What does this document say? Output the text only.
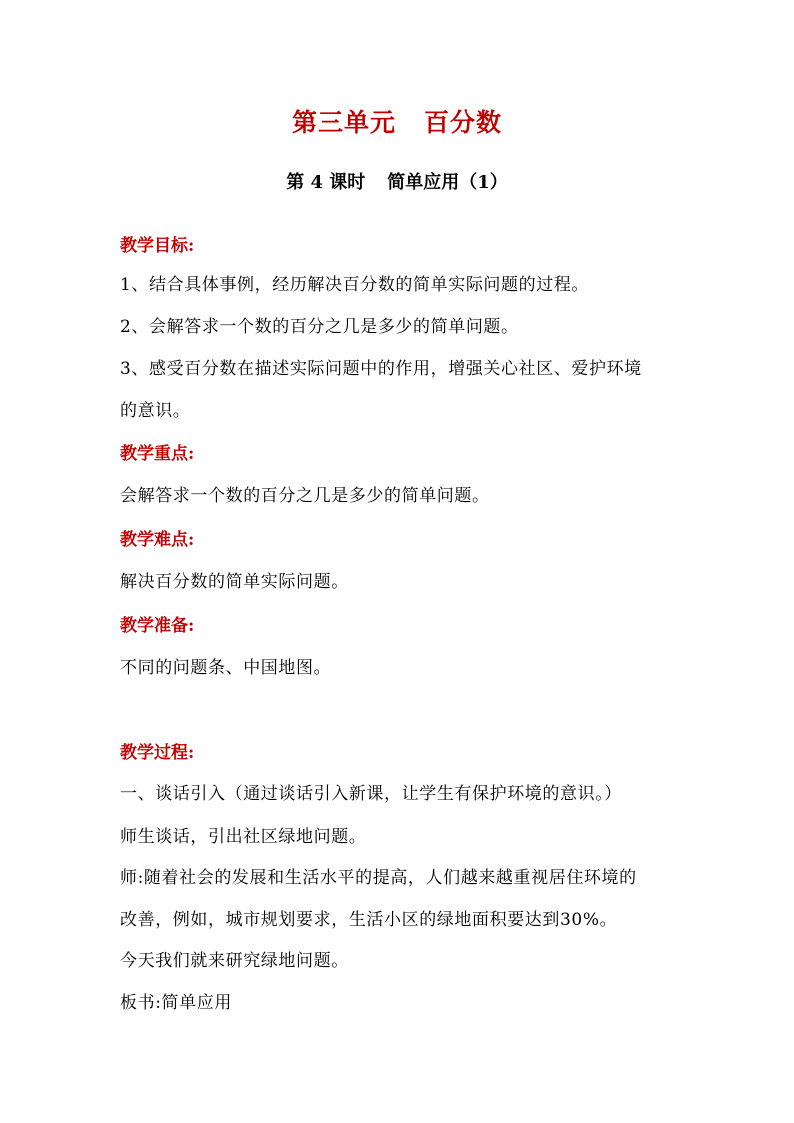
第三单元 百分数
第 4 课时 简单应用（1）
教学目标:
1、结合具体事例，经历解决百分数的简单实际问题的过程。
2、会解答求一个数的百分之几是多少的简单问题。
3、感受百分数在描述实际问题中的作用，增强关心社区、爱护环境
的意识。
教学重点:
会解答求一个数的百分之几是多少的简单问题。
教学难点:
解决百分数的简单实际问题。
教学准备:
不同的问题条、中国地图。
教学过程:
一、谈话引入（通过谈话引入新课，让学生有保护环境的意识。）
师生谈话，引出社区绿地问题。
师:随着社会的发展和生活水平的提高，人们越来越重视居住环境的
改善，例如，城市规划要求，生活小区的绿地面积要达到30%。
今天我们就来研究绿地问题。
板书:简单应用
